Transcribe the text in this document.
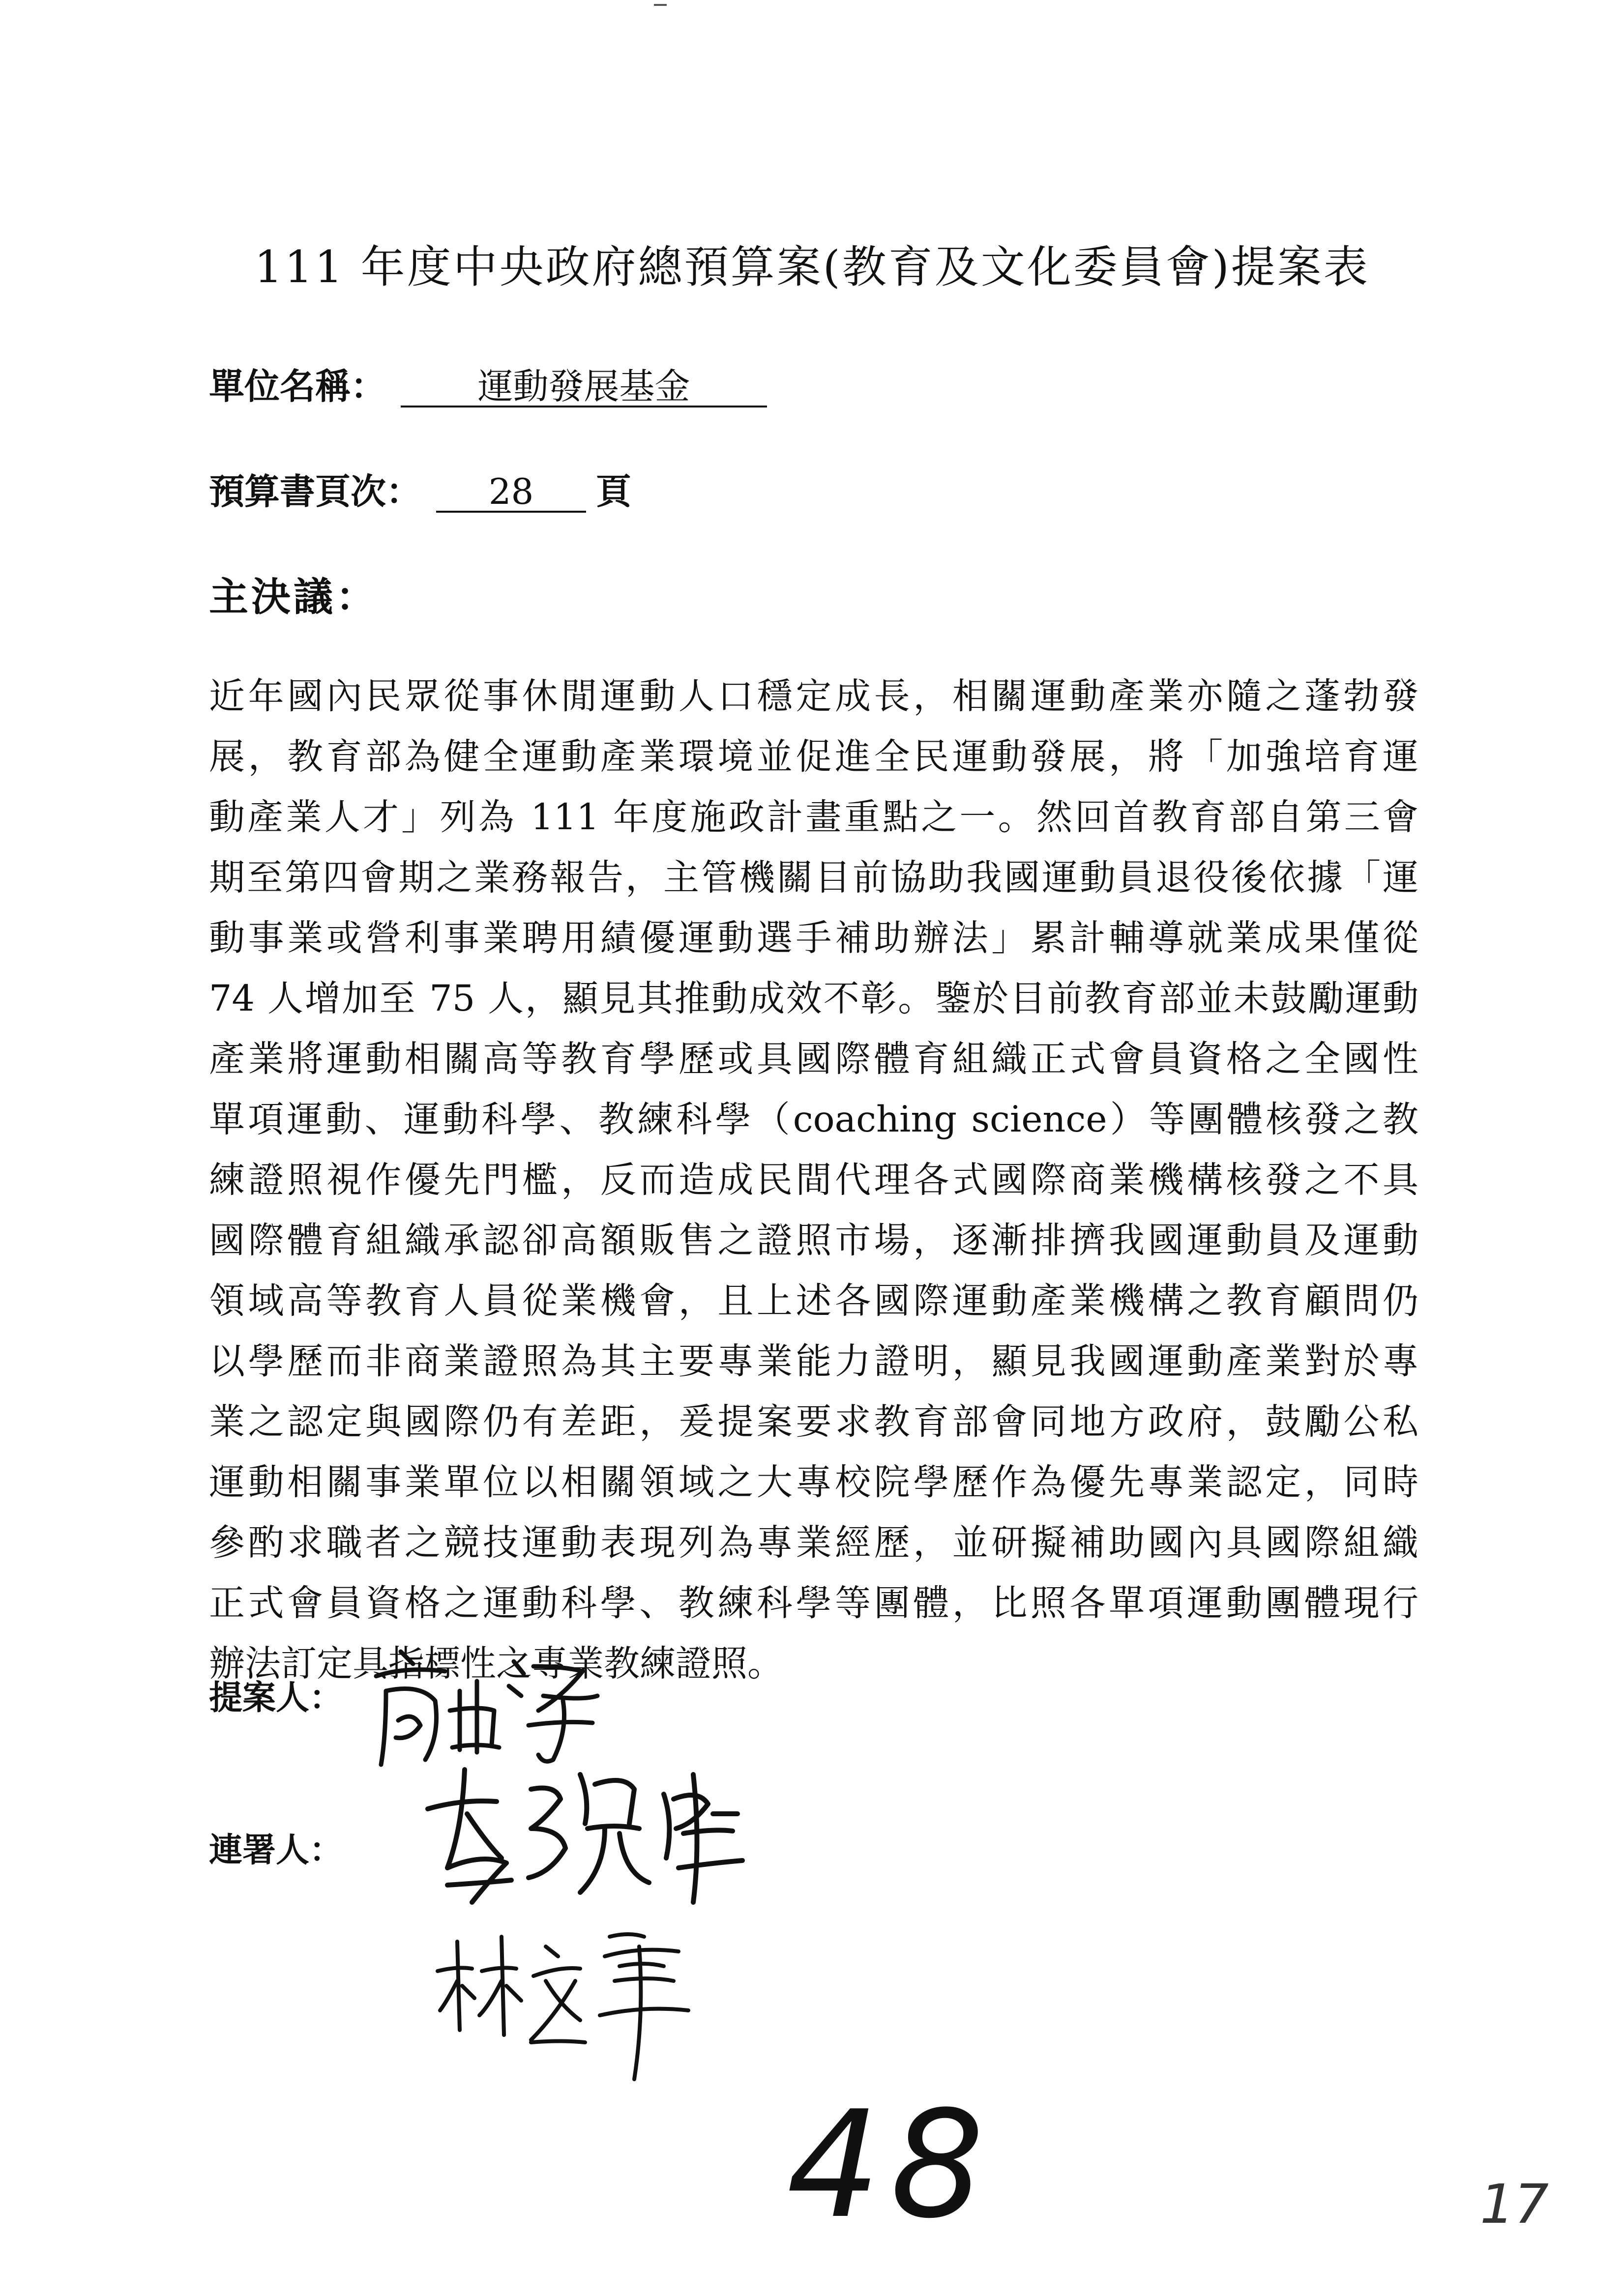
111 年度中央政府總預算案(教育及文化委員會)提案表
單位名稱：	運動發展基金
預算書頁次： 28 頁
主決議：
近年國內民眾從事休閒運動人口穩定成長，相關運動產業亦隨之蓬勃發
展，教育部為健全運動產業環境並促進全民運動發展，將「加強培育運
動產業人才」列為 111 年度施政計畫重點之一。然回首教育部自第三會
期至第四會期之業務報告，主管機關目前協助我國運動員退役後依據「運
動事業或營利事業聘用績優運動選手補助辦法」累計輔導就業成果僅從
74 人增加至 75 人，顯見其推動成效不彰。鑒於目前教育部並未鼓勵運動
產業將運動相關高等教育學歷或具國際體育組織正式會員資格之全國性
單項運動、運動科學、教練科學（coaching science）等團體核發之教
練證照視作優先門檻，反而造成民間代理各式國際商業機構核發之不具
國際體育組織承認卻高額販售之證照市場，逐漸排擠我國運動員及運動
領域高等教育人員從業機會，且上述各國際運動產業機構之教育顧問仍
以學歷而非商業證照為其主要專業能力證明，顯見我國運動產業對於專
業之認定與國際仍有差距，爰提案要求教育部會同地方政府，鼓勵公私
運動相關事業單位以相關領域之大專校院學歷作為優先專業認定，同時
參酌求職者之競技運動表現列為專業經歷，並研擬補助國內具國際組織
正式會員資格之運動科學、教練科學等團體，比照各單項運動團體現行
辦法訂定具指標性之專業教練證照。
提案人：
連署人：
48	17
